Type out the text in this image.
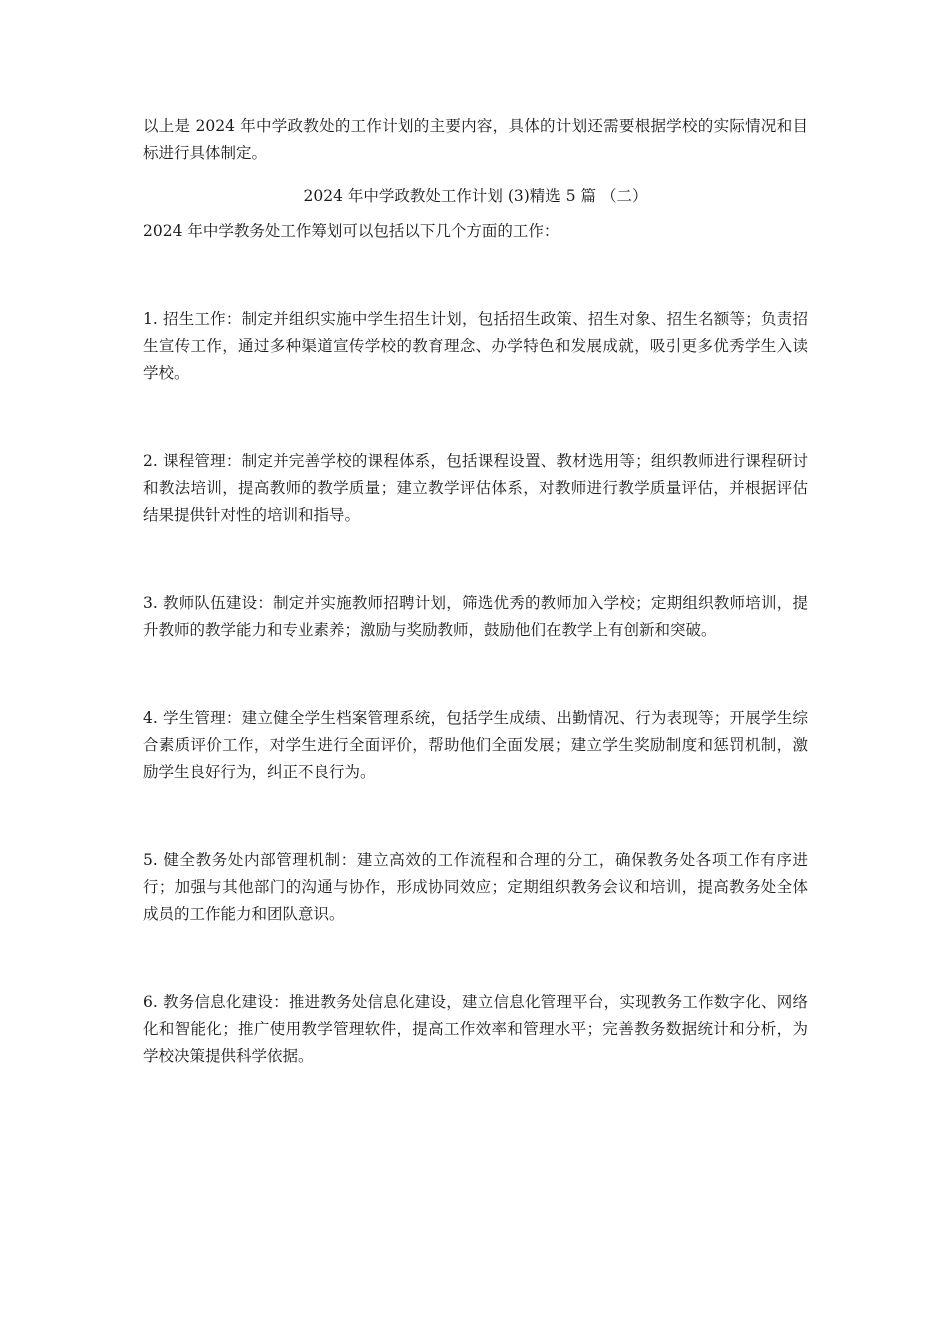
以上是 2024 年中学政教处的工作计划的主要内容，具体的计划还需要根据学校的实际情况和目标进行具体制定。

2024 年中学政教处工作计划 (3)精选 5 篇 （二）

2024 年中学教务处工作筹划可以包括以下几个方面的工作：

1. 招生工作：制定并组织实施中学生招生计划，包括招生政策、招生对象、招生名额等；负责招生宣传工作，通过多种渠道宣传学校的教育理念、办学特色和发展成就，吸引更多优秀学生入读学校。

2. 课程管理：制定并完善学校的课程体系，包括课程设置、教材选用等；组织教师进行课程研讨和教法培训，提高教师的教学质量；建立教学评估体系，对教师进行教学质量评估，并根据评估结果提供针对性的培训和指导。

3. 教师队伍建设：制定并实施教师招聘计划，筛选优秀的教师加入学校；定期组织教师培训，提升教师的教学能力和专业素养；激励与奖励教师，鼓励他们在教学上有创新和突破。

4. 学生管理：建立健全学生档案管理系统，包括学生成绩、出勤情况、行为表现等；开展学生综合素质评价工作，对学生进行全面评价，帮助他们全面发展；建立学生奖励制度和惩罚机制，激励学生良好行为，纠正不良行为。

5. 健全教务处内部管理机制：建立高效的工作流程和合理的分工，确保教务处各项工作有序进行；加强与其他部门的沟通与协作，形成协同效应；定期组织教务会议和培训，提高教务处全体成员的工作能力和团队意识。

6. 教务信息化建设：推进教务处信息化建设，建立信息化管理平台，实现教务工作数字化、网络化和智能化；推广使用教学管理软件，提高工作效率和管理水平；完善教务数据统计和分析，为学校决策提供科学依据。
